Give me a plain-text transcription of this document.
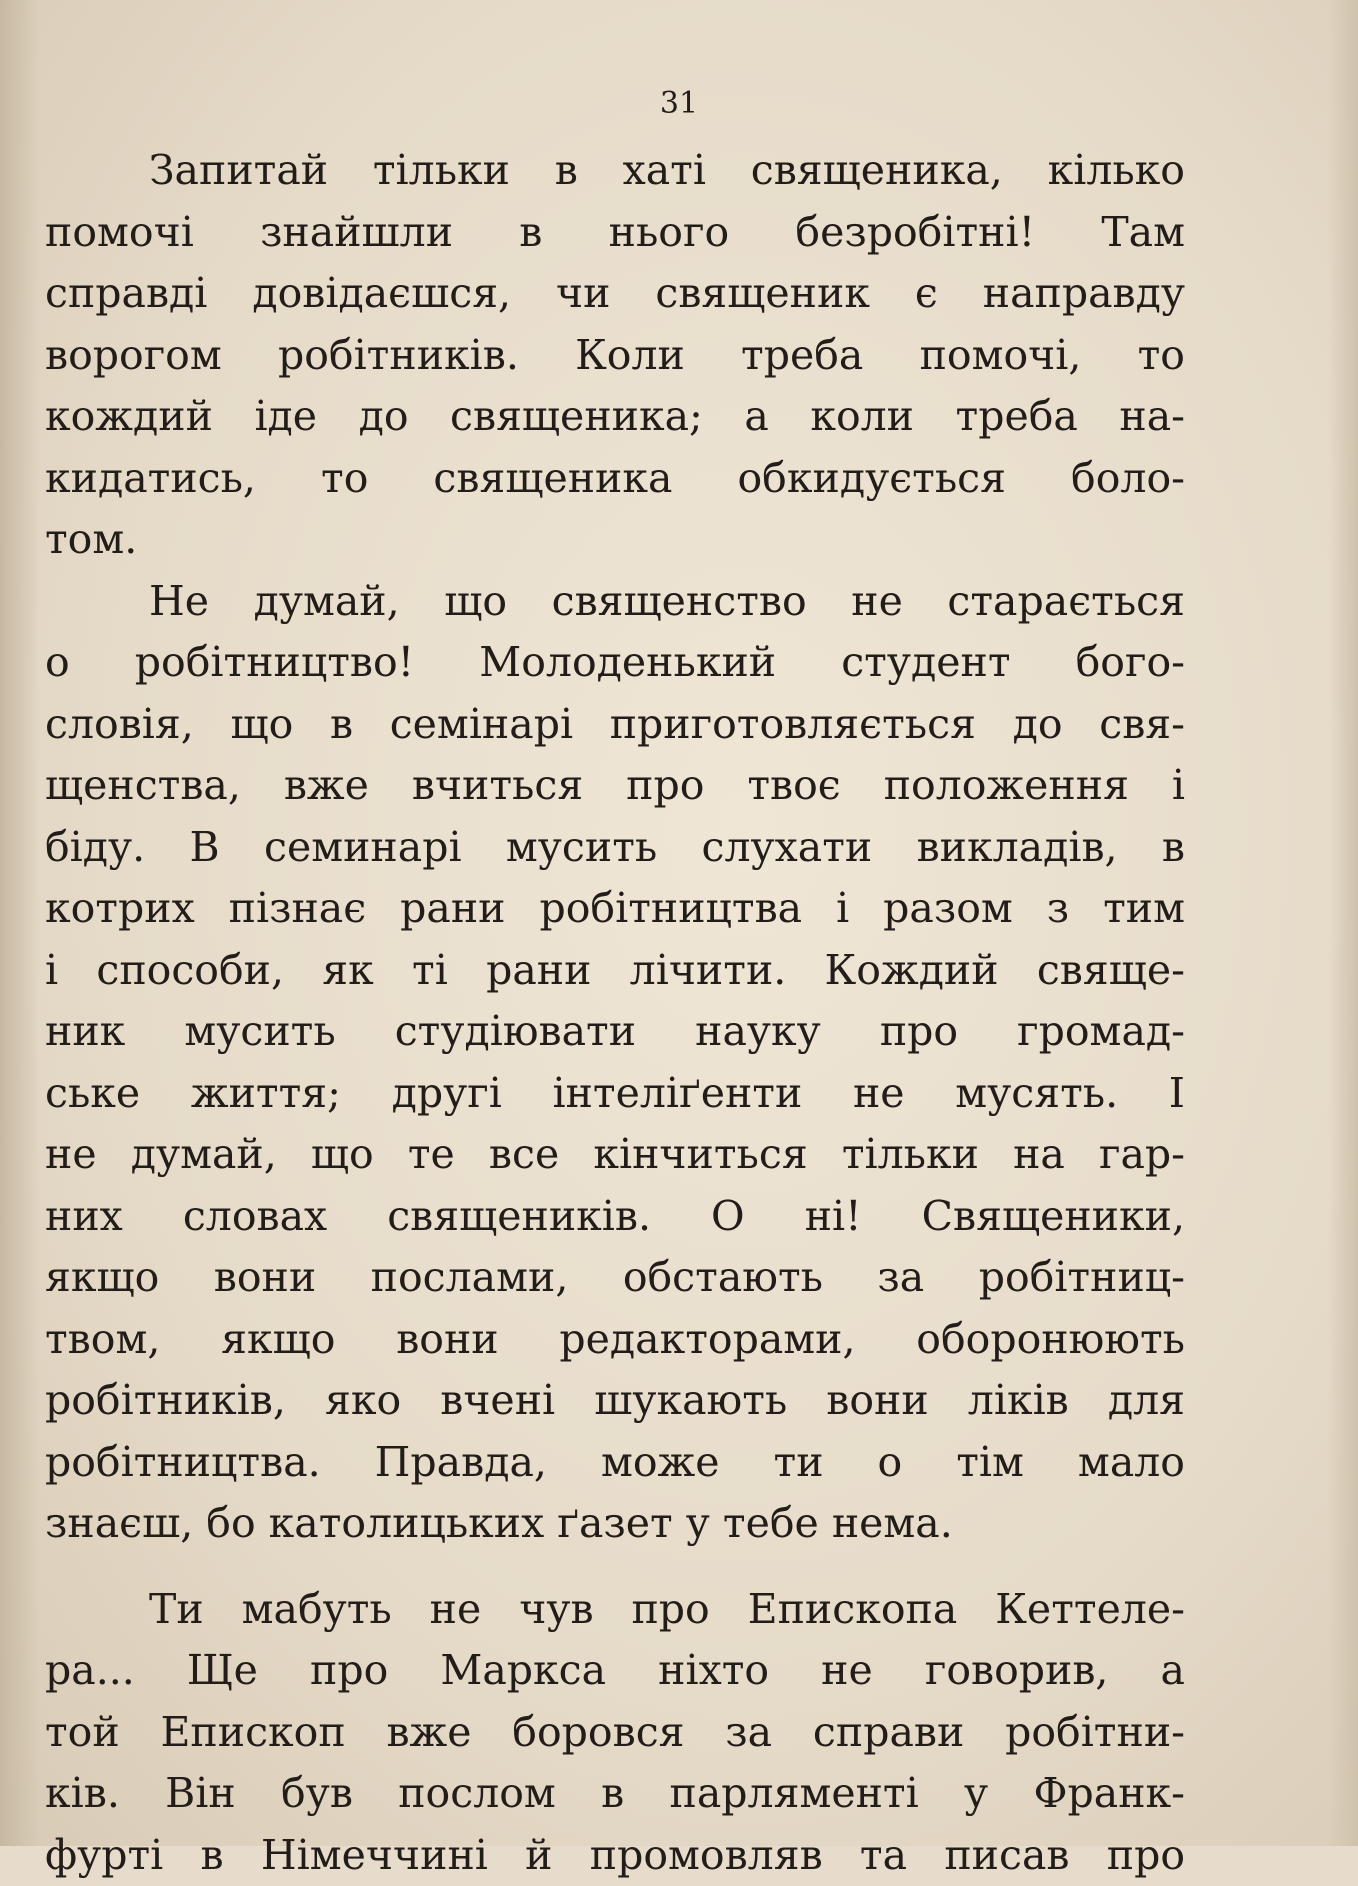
31
Запитай тільки в хаті священика, кілько
помочі знайшли в нього безробітні! Там
справді довідаєшся, чи священик є направду
ворогом робітників. Коли треба помочі, то
кождий іде до священика; а коли треба на-
кидатись, то священика обкидується боло-
том.
Не думай, що священство не старається
о робітництво! Молоденький студент бого-
словія, що в семінарі приготовляється до свя-
щенства, вже вчиться про твоє положення і
біду. В семинарі мусить слухати викладів, в
котрих пізнає рани робітництва і разом з тим
і способи, як ті рани лічити. Кождий свяще-
ник мусить студіювати науку про громад-
ське життя; другі інтеліґенти не мусять. І
не думай, що те все кінчиться тільки на гар-
них словах священиків. О ні! Священики,
якщо вони послами, обстають за робітниц-
твом, якщо вони редакторами, оборонюють
робітників, яко вчені шукають вони ліків для
робітництва. Правда, може ти о тім мало
знаєш, бо католицьких ґазет у тебе нема.
Ти мабуть не чув про Епископа Кеттеле-
ра... Ще про Маркса ніхто не говорив, а
той Епископ вже боровся за справи робітни-
ків. Він був послом в парляменті у Франк-
фурті в Німеччині й промовляв та писав про
